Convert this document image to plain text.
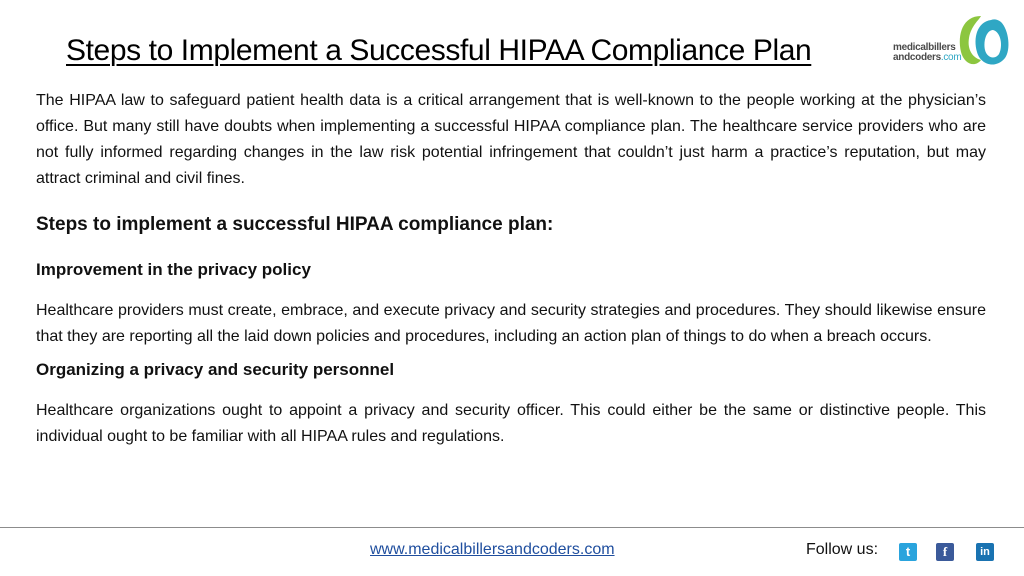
Steps to Implement a Successful HIPAA Compliance Plan	medicalbillers
andcoders.com

The HIPAA law to safeguard patient health data is a critical arrangement that is well-known to the people working at the physician’s office. But many still have doubts when implementing a successful HIPAA compliance plan. The healthcare service providers who are not fully informed regarding changes in the law risk potential infringement that couldn’t just harm a practice’s reputation, but may attract criminal and civil fines.

Steps to implement a successful HIPAA compliance plan:
Improvement in the privacy policy

Healthcare providers must create, embrace, and execute privacy and security strategies and procedures. They should likewise ensure that they are reporting all the laid down policies and procedures, including an action plan of things to do when a breach occurs.

Organizing a privacy and security personnel

Healthcare organizations ought to appoint a privacy and security officer. This could either be the same or distinctive people. This individual ought to be familiar with all HIPAA rules and regulations.

www.medicalbillersandcoders.com	Follow us:	t	f	in
